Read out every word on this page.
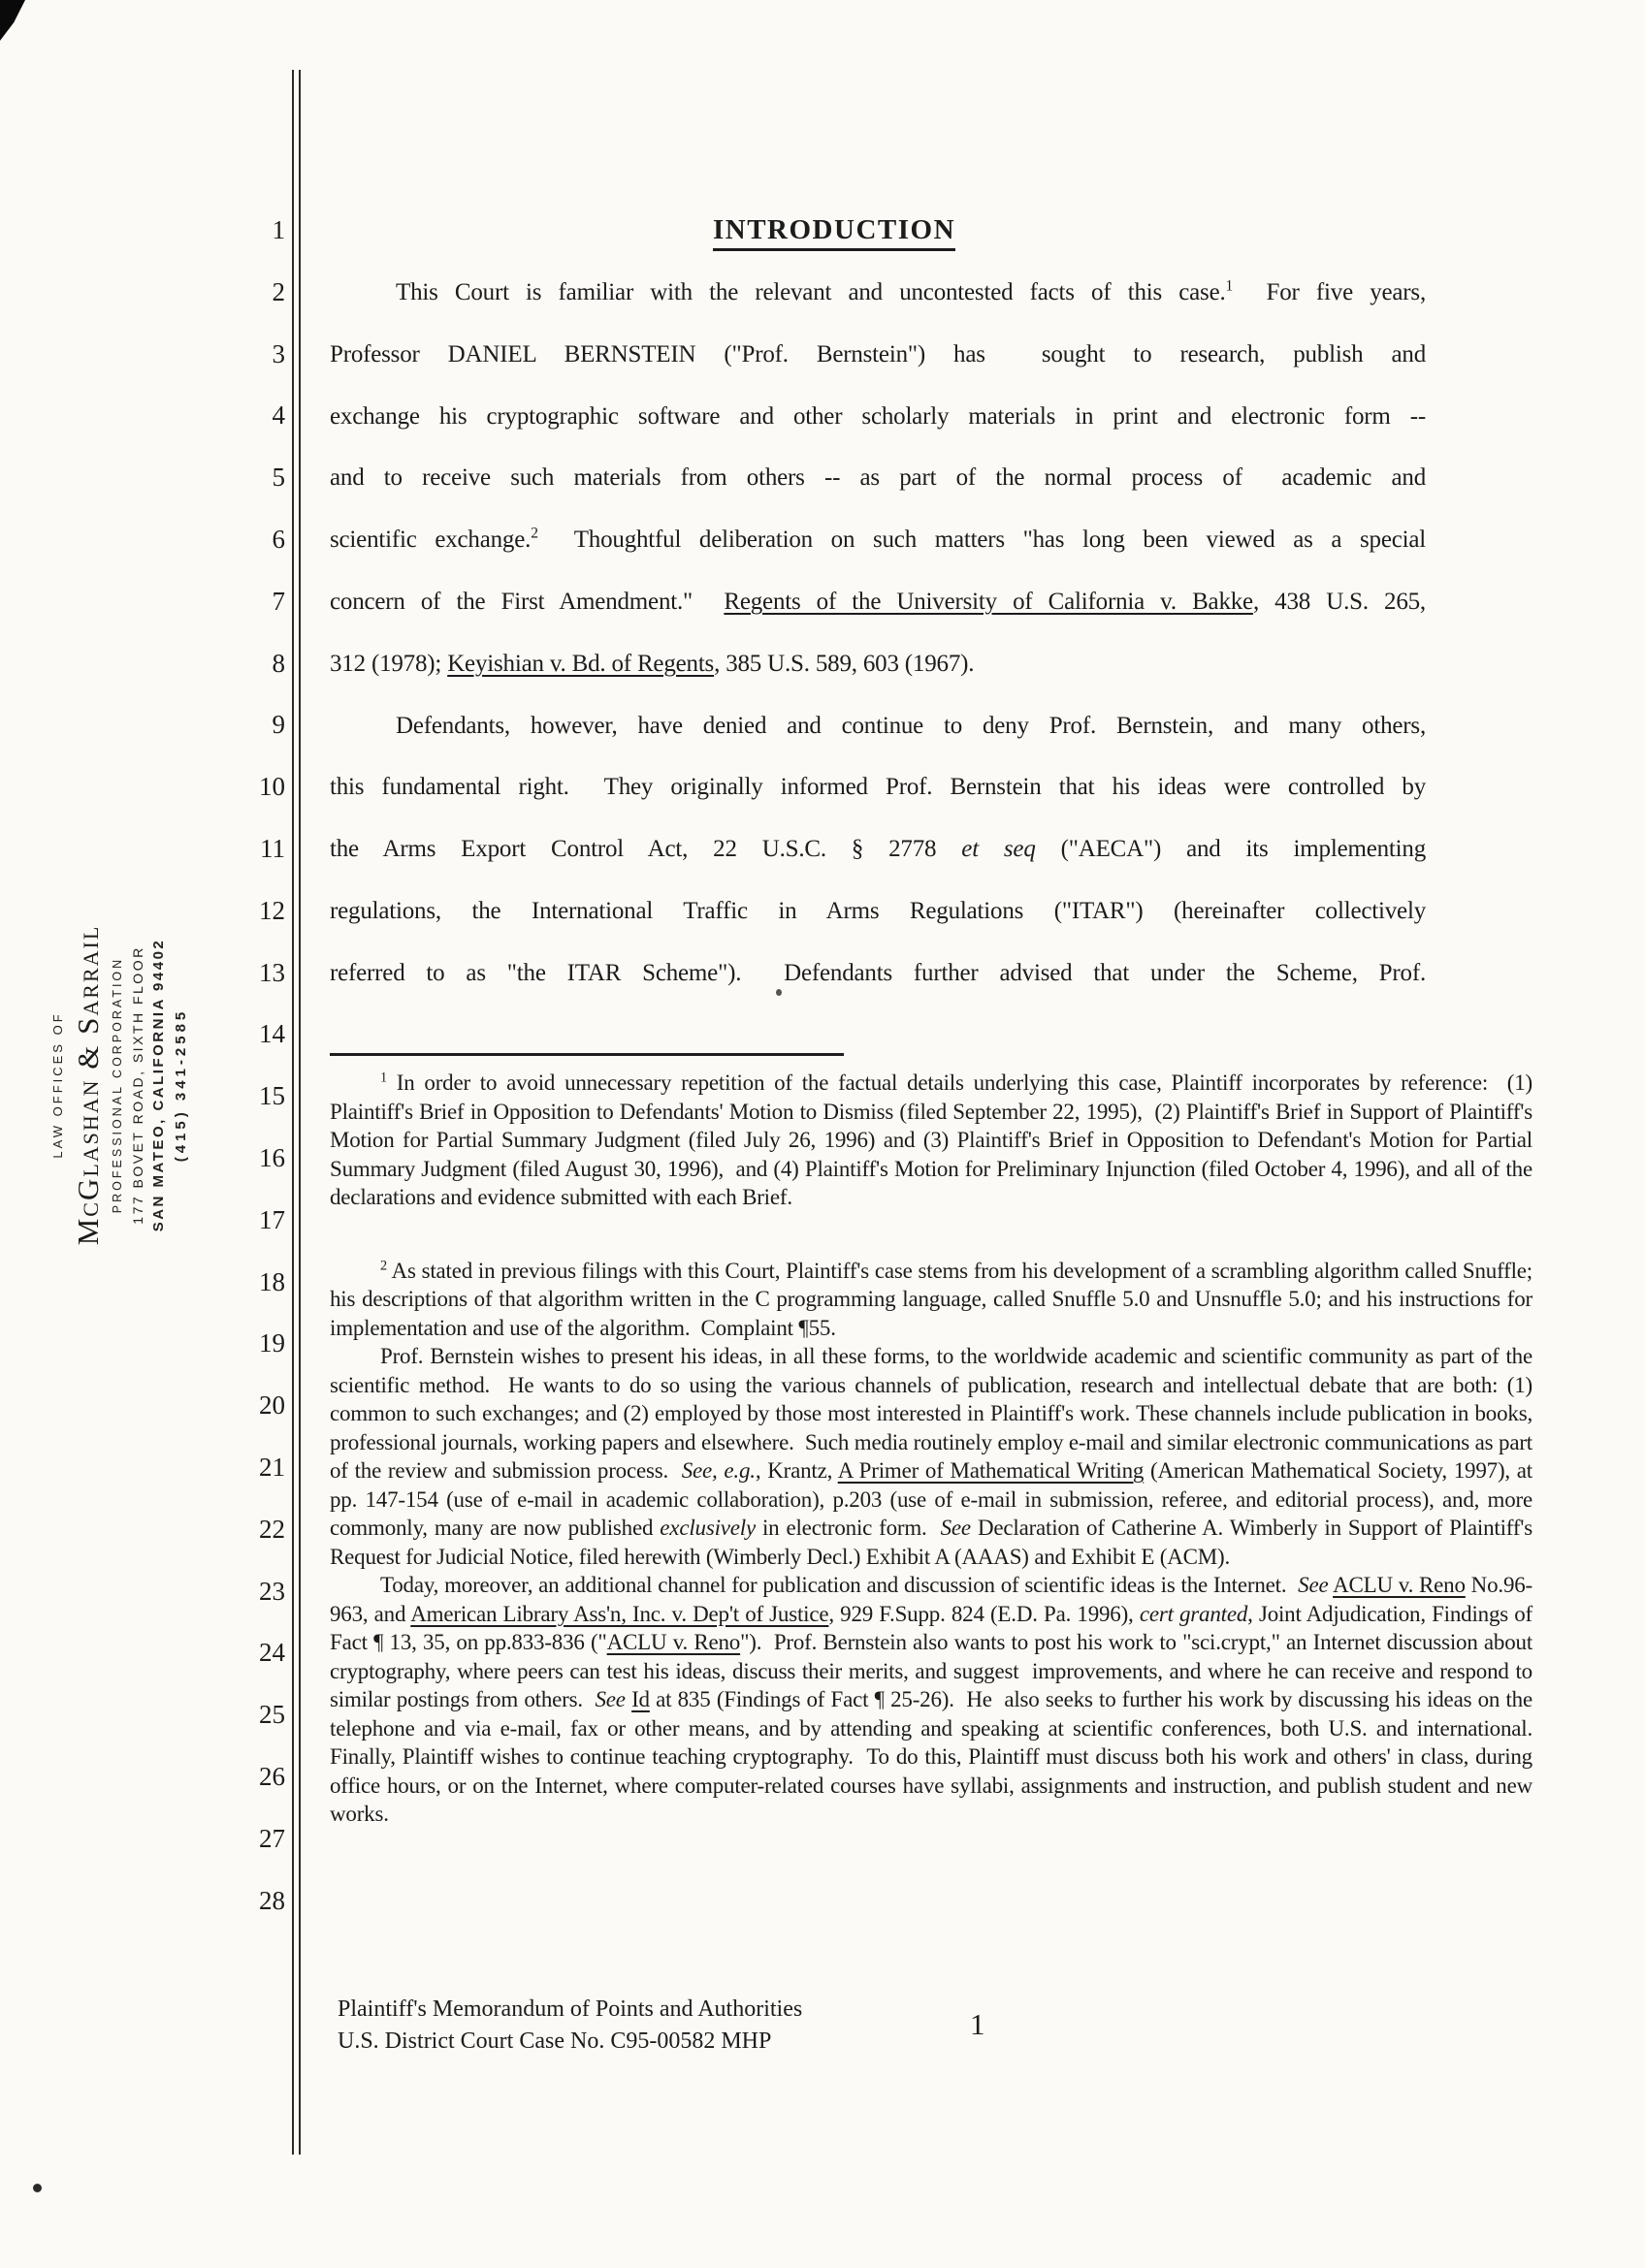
LAW OFFICES OF McGlashan & Sarrail PROFESSIONAL CORPORATION 177 BOVET ROAD, SIXTH FLOOR SAN MATEO, CALIFORNIA 94402 (415) 341-2585
1
2
3
4
5
6
7
8
9
10
11
12
13
14
15
16
17
18
19
20
21
22
23
24
25
26
27
28
INTRODUCTION
This Court is familiar with the relevant and uncontested facts of this case.$^1$  For five years,
Professor DANIEL BERNSTEIN ("Prof. Bernstein") has  sought to research, publish and
exchange his cryptographic software and other scholarly materials in print and electronic form --
and to receive such materials from others -- as part of the normal process of  academic and
scientific exchange.$^2$  Thoughtful deliberation on such matters "has long been viewed as a special
concern of the First Amendment."  Regents of the University of California v. Bakke, 438 U.S. 265,
312 (1978); Keyishian v. Bd. of Regents, 385 U.S. 589, 603 (1967).
Defendants, however, have denied and continue to deny Prof. Bernstein, and many others,
this fundamental right.  They originally informed Prof. Bernstein that his ideas were controlled by
the Arms Export Control Act, 22 U.S.C. § 2778 et seq ("AECA") and its implementing
regulations, the International Traffic in Arms Regulations ("ITAR") (hereinafter collectively
referred to as "the ITAR Scheme").  Defendants further advised that under the Scheme, Prof.
$^1$ In order to avoid unnecessary repetition of the factual details underlying this case, Plaintiff incorporates by reference:  (1) Plaintiff's Brief in Opposition to Defendants' Motion to Dismiss (filed September 22, 1995),  (2) Plaintiff's Brief in Support of Plaintiff's Motion for Partial Summary Judgment (filed July 26, 1996) and (3) Plaintiff's Brief in Opposition to Defendant's Motion for Partial Summary Judgment (filed August 30, 1996),  and (4) Plaintiff's Motion for Preliminary Injunction (filed October 4, 1996), and all of the declarations and evidence submitted with each Brief.
$^2$ As stated in previous filings with this Court, Plaintiff's case stems from his development of a scrambling algorithm called Snuffle; his descriptions of that algorithm written in the C programming language, called Snuffle 5.0 and Unsnuffle 5.0; and his instructions for implementation and use of the algorithm.  Complaint ¶55.
Prof. Bernstein wishes to present his ideas, in all these forms, to the worldwide academic and scientific community as part of the scientific method.  He wants to do so using the various channels of publication, research and intellectual debate that are both: (1) common to such exchanges; and (2) employed by those most interested in Plaintiff's work. These channels include publication in books, professional journals, working papers and elsewhere.  Such media routinely employ e-mail and similar electronic communications as part of the review and submission process.  See, e.g., Krantz, A Primer of Mathematical Writing (American Mathematical Society, 1997), at pp. 147-154 (use of e-mail in academic collaboration), p.203 (use of e-mail in submission, referee, and editorial process), and, more commonly, many are now published exclusively in electronic form.  See Declaration of Catherine A. Wimberly in Support of Plaintiff's Request for Judicial Notice, filed herewith (Wimberly Decl.) Exhibit A (AAAS) and Exhibit E (ACM).
Today, moreover, an additional channel for publication and discussion of scientific ideas is the Internet.  See ACLU v. Reno No.96-963, and American Library Ass'n, Inc. v. Dep't of Justice, 929 F.Supp. 824 (E.D. Pa. 1996), cert granted, Joint Adjudication, Findings of Fact ¶ 13, 35, on pp.833-836 ("ACLU v. Reno").  Prof. Bernstein also wants to post his work to "sci.crypt," an Internet discussion about cryptography, where peers can test his ideas, discuss their merits, and suggest  improvements, and where he can receive and respond to similar postings from others.  See Id at 835 (Findings of Fact ¶ 25-26).  He  also seeks to further his work by discussing his ideas on the telephone and via e-mail, fax or other means, and by attending and speaking at scientific conferences, both U.S. and international.  Finally, Plaintiff wishes to continue teaching cryptography.  To do this, Plaintiff must discuss both his work and others' in class, during office hours, or on the Internet, where computer-related courses have syllabi, assignments and instruction, and publish student and new works.
Plaintiff's Memorandum of Points and Authorities
U.S. District Court Case No. C95-00582 MHP	1
